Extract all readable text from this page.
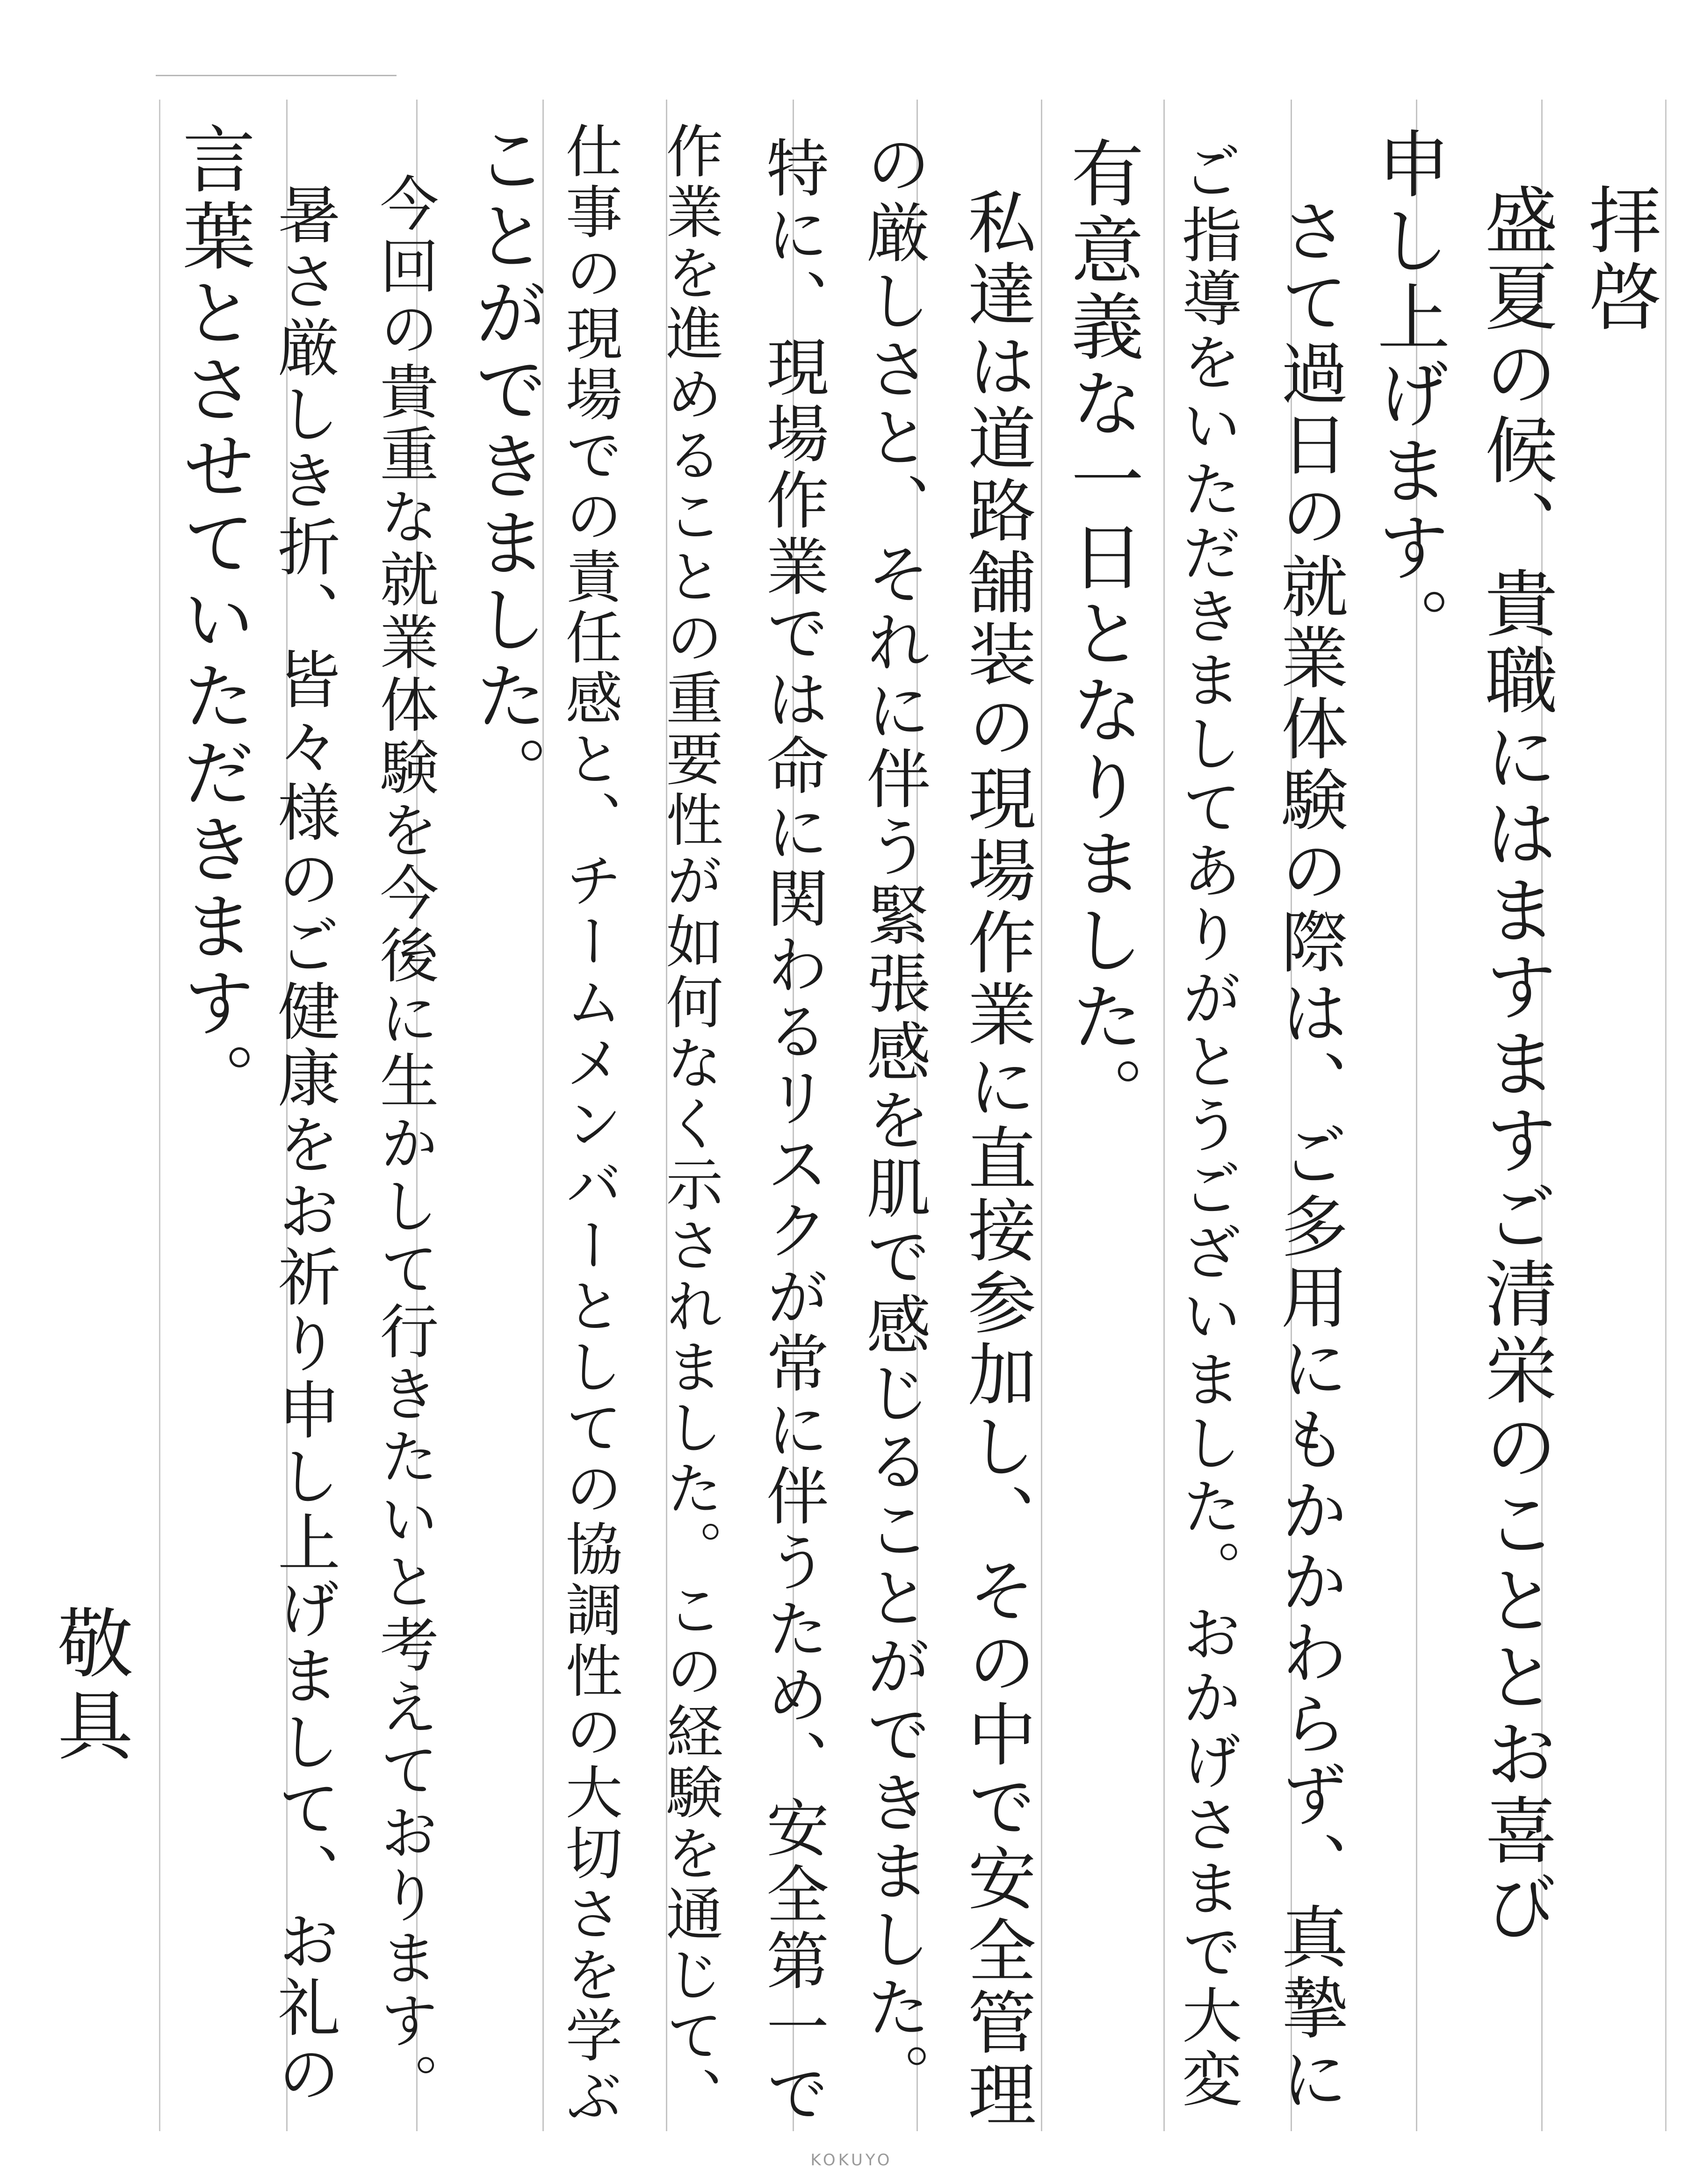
拝啓
盛夏の候、貴職にはますますご清栄のこととお喜び
申し上げます。
さて過日の就業体験の際は、ご多用にもかかわらず、真摯に
ご指導をいただきましてありがとうございました。おかげさまで大変
有意義な一日となりました。
私達は道路舗装の現場作業に直接参加し、その中で安全管理
の厳しさと、それに伴う緊張感を肌で感じることができました。
特に、現場作業では命に関わるリスクが常に伴うため、安全第一で
作業を進めることの重要性が如何なく示されました。この経験を通じて、
仕事の現場での責任感と、チームメンバーとしての協調性の大切さを学ぶ
ことができました。
今回の貴重な就業体験を今後に生かして行きたいと考えております。
暑さ厳しき折、皆々様のご健康をお祈り申し上げまして、お礼の
言葉とさせていただきます。
敬具
KOKUYO
